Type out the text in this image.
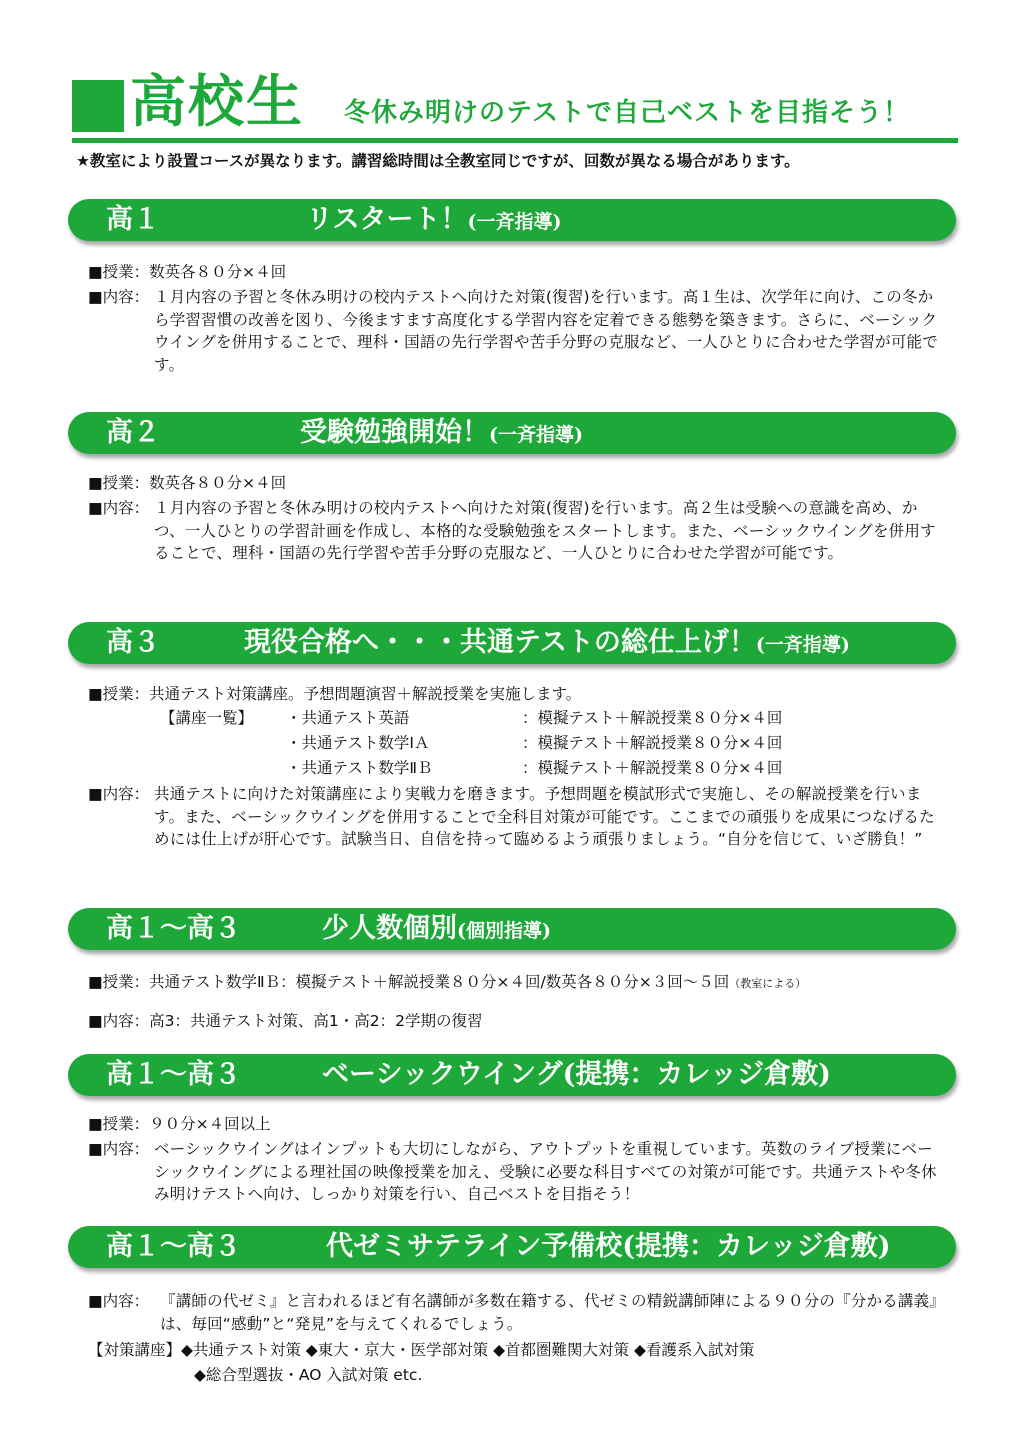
高校生 冬休み明けのテストで自己ベストを目指そう！
★教室により設置コースが異なります。講習総時間は全教室同じですが、回数が異なる場合があります。
高１	リスタート！(一斉指導)
■授業：数英各８０分×４回
■内容： １月内容の予習と冬休み明けの校内テストへ向けた対策(復習)を行います。高１生は、次学年に向け、この冬から学習習慣の改善を図り、今後ますます高度化する学習内容を定着できる態勢を築きます。さらに、ベーシックウイングを併用することで、理科・国語の先行学習や苦手分野の克服など、一人ひとりに合わせた学習が可能です。
高２	受験勉強開始！(一斉指導)
■授業：数英各８０分×４回
■内容： １月内容の予習と冬休み明けの校内テストへ向けた対策(復習)を行います。高２生は受験への意識を高め、かつ、一人ひとりの学習計画を作成し、本格的な受験勉強をスタートします。また、ベーシックウイングを併用することで、理科・国語の先行学習や苦手分野の克服など、一人ひとりに合わせた学習が可能です。
高３	現役合格へ・・・共通テストの総仕上げ！(一斉指導)
■授業：共通テスト対策講座。予想問題演習＋解説授業を実施します。
【講座一覧】 ・共通テスト英語	：模擬テスト＋解説授業８０分×４回
・共通テスト数学ⅠＡ	：模擬テスト＋解説授業８０分×４回
・共通テスト数学ⅡＢ	：模擬テスト＋解説授業８０分×４回
■内容： 共通テストに向けた対策講座により実戦力を磨きます。予想問題を模試形式で実施し、その解説授業を行います。また、ベーシックウイングを併用することで全科目対策が可能です。ここまでの頑張りを成果につなげるためには仕上げが肝心です。試験当日、自信を持って臨めるよう頑張りましょう。“自分を信じて、いざ勝負！”
高１～高３	少人数個別(個別指導)
■授業：共通テスト数学ⅡＢ：模擬テスト＋解説授業８０分×４回/数英各８０分×３回～５回（教室による）
■内容：高3：共通テスト対策、高1・高2：2学期の復習
高１～高３	ベーシックウイング(提携：カレッジ倉敷)
■授業：９０分×４回以上
■内容： ベーシックウイングはインプットも大切にしながら、アウトプットを重視しています。英数のライブ授業にベーシックウイングによる理社国の映像授業を加え、受験に必要な科目すべての対策が可能です。共通テストや冬休み明けテストへ向け、しっかり対策を行い、自己ベストを目指そう！
高１～高３	代ゼミサテライン予備校(提携：カレッジ倉敷)
■内容： 『講師の代ゼミ』と言われるほど有名講師が多数在籍する、代ゼミの精鋭講師陣による９０分の『分かる講義』は、毎回“感動”と“発見”を与えてくれるでしょう。
【対策講座】◆共通テスト対策 ◆東大・京大・医学部対策 ◆首都圏難関大対策 ◆看護系入試対策
◆総合型選抜・AO 入試対策 etc.
